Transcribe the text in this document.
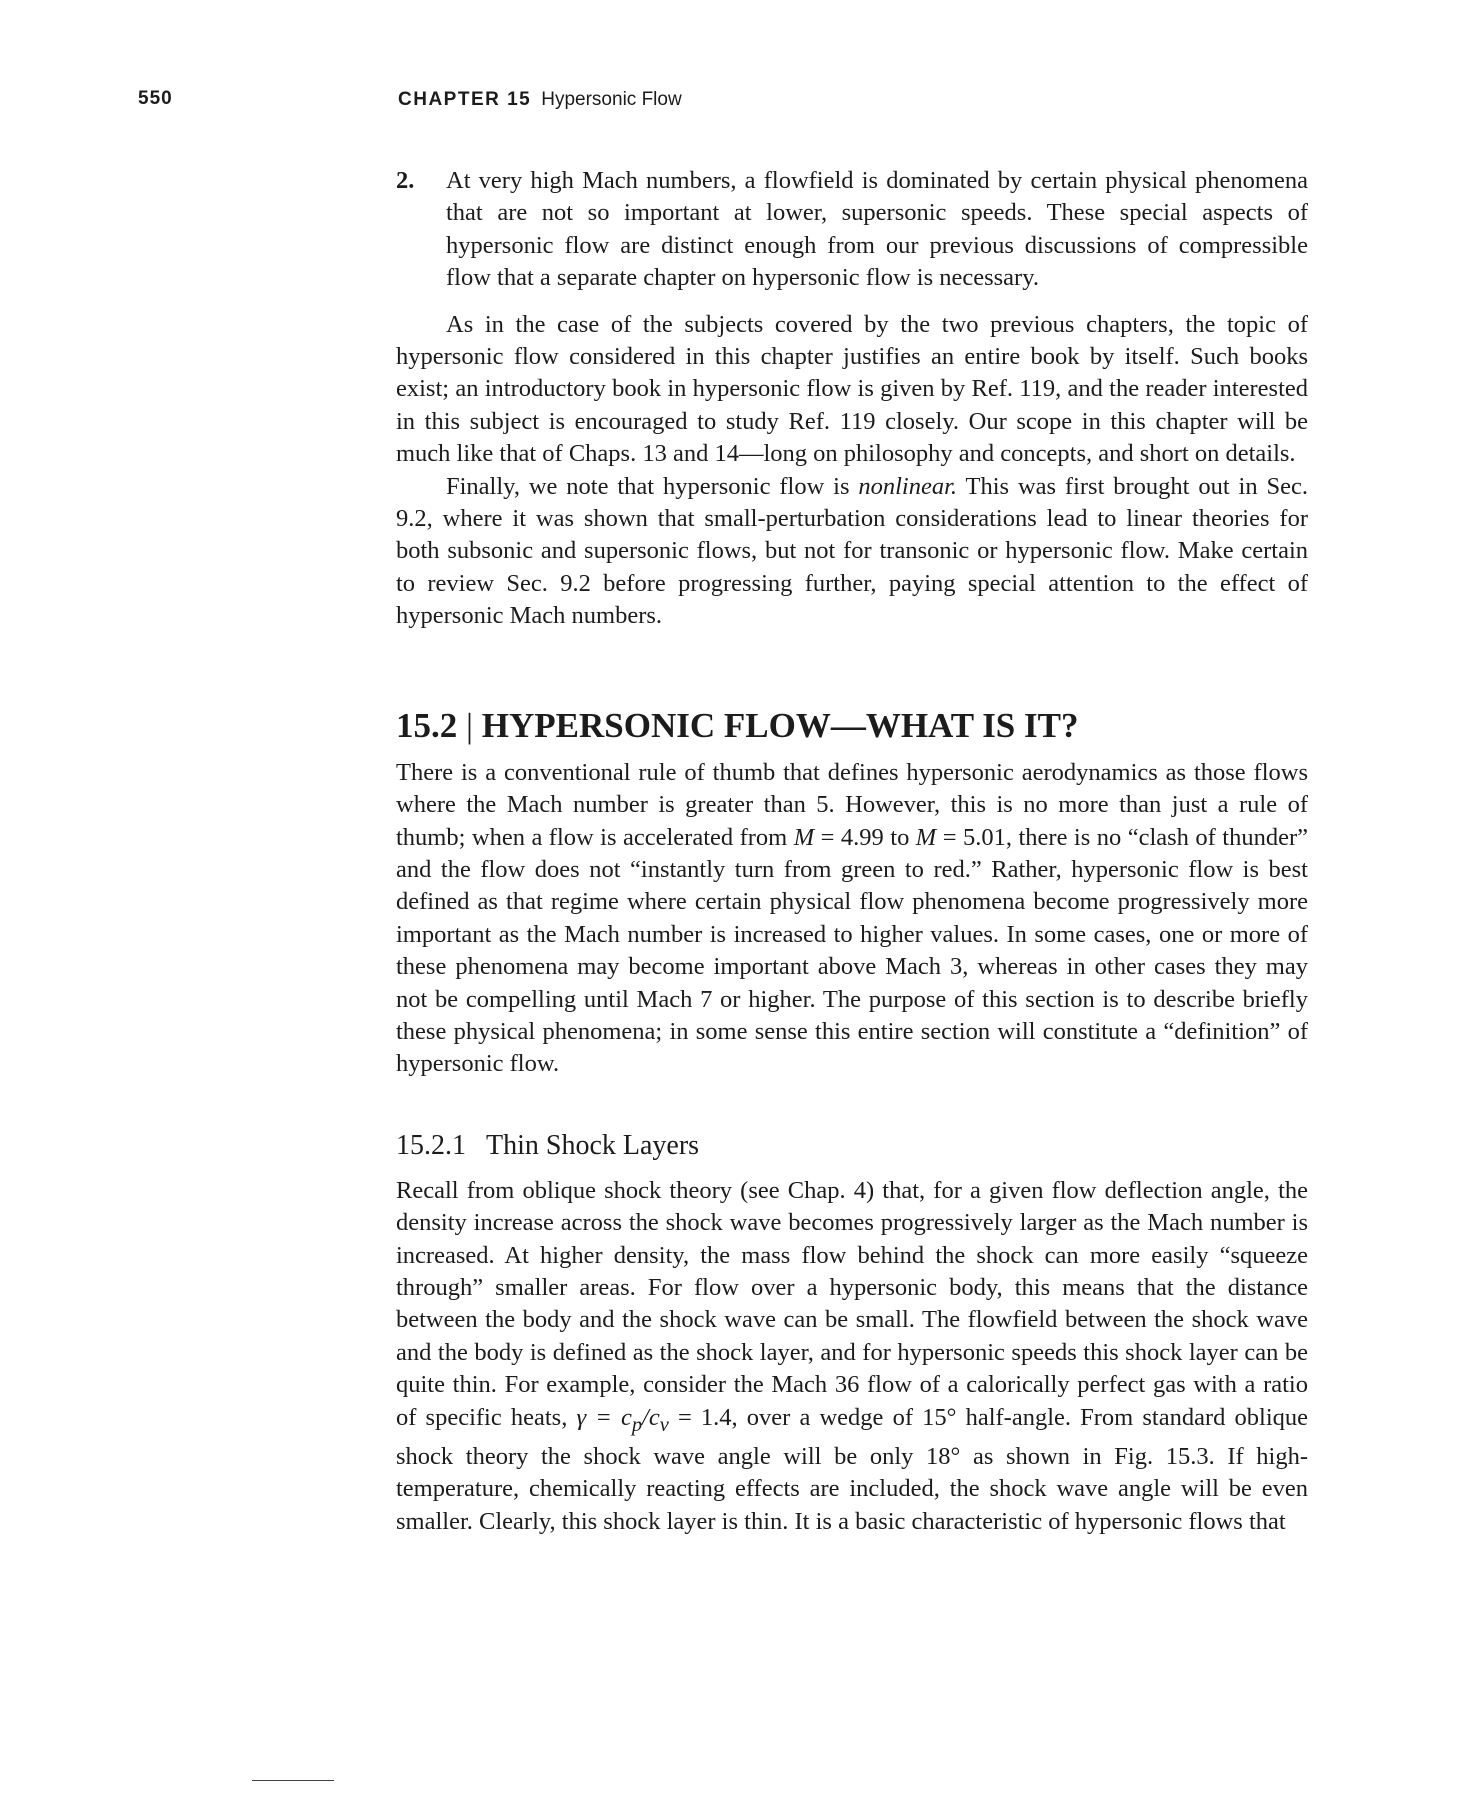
550	CHAPTER 15 Hypersonic Flow

2. At very high Mach numbers, a flowfield is dominated by certain physical phenomena that are not so important at lower, supersonic speeds. These special aspects of hypersonic flow are distinct enough from our previous discussions of compressible flow that a separate chapter on hypersonic flow is necessary.

As in the case of the subjects covered by the two previous chapters, the topic of hypersonic flow considered in this chapter justifies an entire book by itself. Such books exist; an introductory book in hypersonic flow is given by Ref. 119, and the reader interested in this subject is encouraged to study Ref. 119 closely. Our scope in this chapter will be much like that of Chaps. 13 and 14—long on philosophy and concepts, and short on details.

Finally, we note that hypersonic flow is nonlinear. This was first brought out in Sec. 9.2, where it was shown that small-perturbation considerations lead to linear theories for both subsonic and supersonic flows, but not for transonic or hypersonic flow. Make certain to review Sec. 9.2 before progressing further, paying special attention to the effect of hypersonic Mach numbers.

15.2 | HYPERSONIC FLOW—WHAT IS IT?

There is a conventional rule of thumb that defines hypersonic aerodynamics as those flows where the Mach number is greater than 5. However, this is no more than just a rule of thumb; when a flow is accelerated from M = 4.99 to M = 5.01, there is no “clash of thunder” and the flow does not “instantly turn from green to red.” Rather, hypersonic flow is best defined as that regime where certain physical flow phenomena become progressively more important as the Mach number is increased to higher values. In some cases, one or more of these phenomena may become important above Mach 3, whereas in other cases they may not be compelling until Mach 7 or higher. The purpose of this section is to describe briefly these physical phenomena; in some sense this entire section will constitute a “definition” of hypersonic flow.

15.2.1 Thin Shock Layers

Recall from oblique shock theory (see Chap. 4) that, for a given flow deflection angle, the density increase across the shock wave becomes progressively larger as the Mach number is increased. At higher density, the mass flow behind the shock can more easily “squeeze through” smaller areas. For flow over a hypersonic body, this means that the distance between the body and the shock wave can be small. The flowfield between the shock wave and the body is defined as the shock layer, and for hypersonic speeds this shock layer can be quite thin. For example, consider the Mach 36 flow of a calorically perfect gas with a ratio of specific heats, $\gamma = c_p/c_v = 1.4$, over a wedge of 15° half-angle. From standard oblique shock theory the shock wave angle will be only 18° as shown in Fig. 15.3. If high-temperature, chemically reacting effects are included, the shock wave angle will be even smaller. Clearly, this shock layer is thin. It is a basic characteristic of hypersonic flows that
